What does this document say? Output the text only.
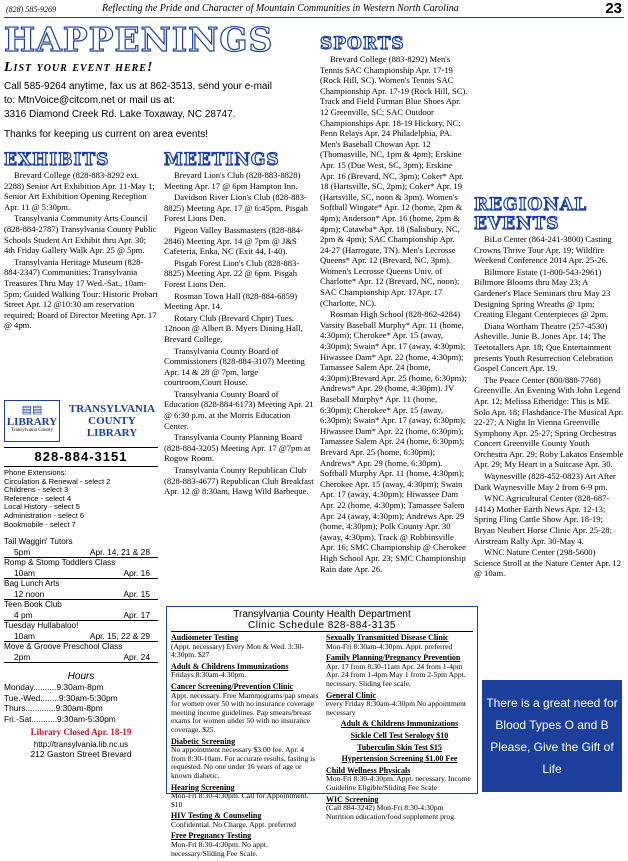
(828) 585-9269	Reflecting the Pride and Character of Mountain Communities in Western North Carolina	23
HAPPENINGS
List your event here!
Call 585-9264 anytime, fax us at 862-3513, send your e-mail
to: MtnVoice@citcom.net or mail us at:
3316 Diamond Creek Rd. Lake Toxaway, NC 28747.
Thanks for keeping us current on area events!
EXHIBITS

Brevard College (828-883-8292 ext. 2288) Senior Art Exhibition Apr. 11-May 1; Senior Art Exhibition Opening Reception Apr. 11 @ 5:30pm.

Transylvania Community Arts Council (828-884-2787) Transylvania County Public Schools Student Art Exhibit thru Apr. 30; 4th Friday Gallery Walk Apr. 25 @ 5pm.

Transylvania Heritage Museum (828-884-2347) Communities: Transylvania Treasures Thru May 17 Wed.-Sat., 10am-5pm; Guided Walking Tour: Historic Probart Street Apr. 12 @10:30 am reservation required; Board of Director Meeting Apr. 17 @ 4pm.

MEETINGS

Brevard Lion's Club (828-883-8828) Meeting Apr. 17 @ 6pm Hampton Inn.

Davidson River Lion's Club (828-883-8825) Meeting Apr. 17 @ 6:45pm. Pisgah Forest Lions Den.

Pigeon Valley Bassmasters (828-884-2846) Meeting Apr. 14 @ 7pm @ J&S Cafeteria, Enka, NC (Exit 44, I-40).

Pisgah Forest Lion's Club (828-883-8825) Meeting Apr. 22 @ 6pm. Pisgah Forest Lions Den.

Rosman Town Hall (828-884-6859) Meeting Apr. 14.

Rotary Club (Brevard Chptr) Tues. 12noon @ Albert B. Myers Dining Hall, Brevard College.

Transylvania County Board of Commissioners (828-884-3107) Meeting Apr. 14 & 28 @ 7pm, large courtroom,Court House.

Transylvania County Board of Education (828-884-6173) Meeting Apr. 21 @ 6:30 p.m. at the Morris Education Center.

Transylvania County Planning Board (828-884-3205) Meeting Apr. 17 @7pm at Rogow Room.

Transylvania County Republican Club (828-883-4677) Republican Club Breakfast Apr. 12 @ 8:30am, Hawg Wild Barbeque.

▤▤
LIBRARY
Transylvania County
TRANSYLVANIA
COUNTY
LIBRARY
828-884-3151
Phone Extensions:
Circulation & Renewal - select 2
Childrens - select 3
Reference - select 4
Local History - select 5
Administration - select 6
Bookmobile - select 7
Tail Waggin' Tutors
5pm	Apr. 14, 21 & 28
Romp & Stomp Toddlers Class
10am	Apr. 16
Bag Lunch Arts
12 noon	Apr. 15
Teen Book Club
4 pm	Apr. 17
Tuesday Hullabaloo!
10am	Apr. 15, 22 & 29
Move & Groove Preschool Class
2pm	Apr. 24
Hours
Monday..........9:30am-8pm
Tue.-Wed........9:30am-5:30pm
Thurs.............9:30am-8pm
Fri.-Sat...........9:30am-5:30pm
Library Closed Apr. 18-19
http://transylvania.lib.nc.us
212 Gaston Street Brevard
Transylvania County Health Department
Clinic Schedule 828-884-3135
Audiometer Testing
(Appt. necessary) Every Mon & Wed. 3:30-4:30pm. $27
Adult & Childrens Immunizations
Fridays 8:30am-4:30pm.
Cancer Screening/Prevention Clinic
Appt. necessary. Free Mammograms/pap smears for women over 50 with no insurance coverage meeting income guidelines. Pap smears/breast exams for women under 50 with no insurance coverage. $25.
Diabetic Screening
No appointment necessary $3.00 fee. Apr. 4 from 8:30-10am. For accurate results, fasting is requested. No one under 16 years of age or known diabetic.
Hearing Screening
Mon-Fri 8:30-4:30pm. Call for Appointment. $10
HIV Testing & Counseling
Confidential. No Charge. Appt. preferred
Free Pregnancy Testing
Mon-Fri 8:30-4:30pm. No appt. necessary/Sliding Fee Scale.
Sexually Transmitted Disease Clinic
Mon-Fri 8:30am-4:30pm. Appt. preferred
Family Planning/Pregnancy Prevention
Apr. 17 from 8:30-11am Apr. 24 from 1-4pm Apr. 24 from 1-4pm May 1 from 2-5pm Appt. necessary. Sliding fee scale.
General Clinic
every Friday 8:30am-4:30pm No appointment necessary
Adult & Childrens Immunizations
Sickle Cell Test Serology $10
Tuberculin Skin Test $15
Hypertension Screening $1.00 Fee
Child Wellness Physicals
Mon-Fri 8:30-4:30pm. Appt. necessary. Income Guideline Eligible/Sliding Fee Scale
WIC Screening
(Call 884-3242) Mon-Fri 8:30-4:30pm Nutrition education/food supplement prog.
SPORTS

Brevard College (883-8292) Men's Tennis SAC Championship Apr. 17-19 (Rock Hill, SC). Women's Tennis SAC Championship Apr. 17-19 (Rock Hill, SC). Track and Field Furman Blue Shoes Apr. 12 Greenville, SC; SAC Outdoor Championships Apr. 18-19 Hickory, NC; Penn Relays Apr. 24 Philadelphia, PA. Men's Baseball Chowan Apr. 12 (Thomasville, NC, 1pm & 4pm); Erskine Apr. 15 (Due West, SC, 3pm); Erskine Apr. 16 (Brevard, NC, 3pm); Coker* Apr. 18 (Hartsville, SC, 2pm); Coker* Apr. 19 (Hartsville, SC, noon & 3pm). Women's Softball Wingate* Apr. 12 (home, 2pm & 4pm); Anderson* Apr. 16 (home, 2pm & 4pm); Catawba* Apr. 18 (Salisbury, NC, 2pm & 4pm); SAC Championship Apr. 24-27 (Harrogate, TN). Men's Lecrosse Queens* Apr. 12 (Brevard, NC, 3pm). Women's Lecrosse Queens Univ. of Charlotte* Apr. 12 (Brevard, NC, noon); SAC Championship Apr. 17Apr. 17 (Charlotte, NC).

Rosman High School (828-862-4284) Varsity Baseball Murphy* Apr. 11 (home, 4:30pm); Cherokee* Apr. 15 (away, 4:30pm); Swain* Apr. 17 (away, 4:30pm); Hiwassee Dam* Apr. 22 (home, 4:30pm); Tamassee Salem Apr. 24 (home, 4:30pm);Brevard Apr. 25 (home, 6:30pm); Andrews* Apr. 29 (home, 4:30pm). JV Baseball Murphy* Apr. 11 (home, 6:30pm); Cherokee* Apr. 15 (away, 6:30pm); Swain* Apr. 17 (away, 6:30pm); Hiwassee Dam* Apr. 22 (home, 6:30pm); Tamassee Salem Apr. 24 (home, 6:30pm); Brevard Apr. 25 (home, 6:30pm); Andrews* Apr. 29 (home, 6:30pm). Softball Murphy Apr. 11 (home, 4:30pm); Cherokee Apr. 15 (away, 4:30pm); Swain Apr. 17 (away, 4:30pm); Hiwassee Dam Apr. 22 (home, 4:30pm); Tamassee Salem Apr. 24 (away, 4:30pm); Andrews Apr. 29 (home, 4:30pm); Polk County Apr. 30 (away, 4:30pm). Track @ Robbinsville Apr. 16; SMC Championship @ Cherokee High School Apr. 23; SMC Championship Rain date Apr. 26.

REGIONAL EVENTS

BiLo Center (864-241-3800) Casting Crowns Thrive Tour Apr. 19; Wildfire Weekend Conference 2014 Apr. 25-26.

Biltmore Estate (1-800-543-2961) Biltmore Blooms thru May 23; A Gardener's Place Seminars thru May 23 Designing Spring Wreaths @ 1pm; Creating Elegant Centerpieces @ 2pm.

Diana Wortham Theatre (257-4530) Asheville. Junie B. Jones Apr. 14; The Teetotallers Apr. 18; Que Entertainment presents Youth Resurrection Celebration Gospel Concert Apr. 19.

The Peace Center (800/888-7768) Greenville. An Evening With John Legend Apr. 12; Melissa Etheridge: This is ME Solo Apr. 18; Flashdance-The Musical Apr. 22-27; A Night In Vienna Greenville Symphony Apr. 25-27; Spring Orchestras Concert Greenville County Youth Orchestra Apr. 29; Roby Lakatos Ensemble Apr. 29; My Heart in a Suitcase Apr. 30.

Waynesville (828-452-0823) Art After Dark Waynesville May 2 from 6-9 pm.

WNC Agricultural Center (828-687-1414) Mother Earth News Apr. 12-13; Spring Fling Cattle Show Apr. 18-19; Bryan Neubert Horse Clinic Apr. 25-28; Airstream Rally Apr. 30-May 4.

WNC Nature Center (298-5600) Science Stroll at the Nature Center Apr. 12 @ 10am.

There is a great need for
Blood Types O and B
Please, Give the Gift of Life
